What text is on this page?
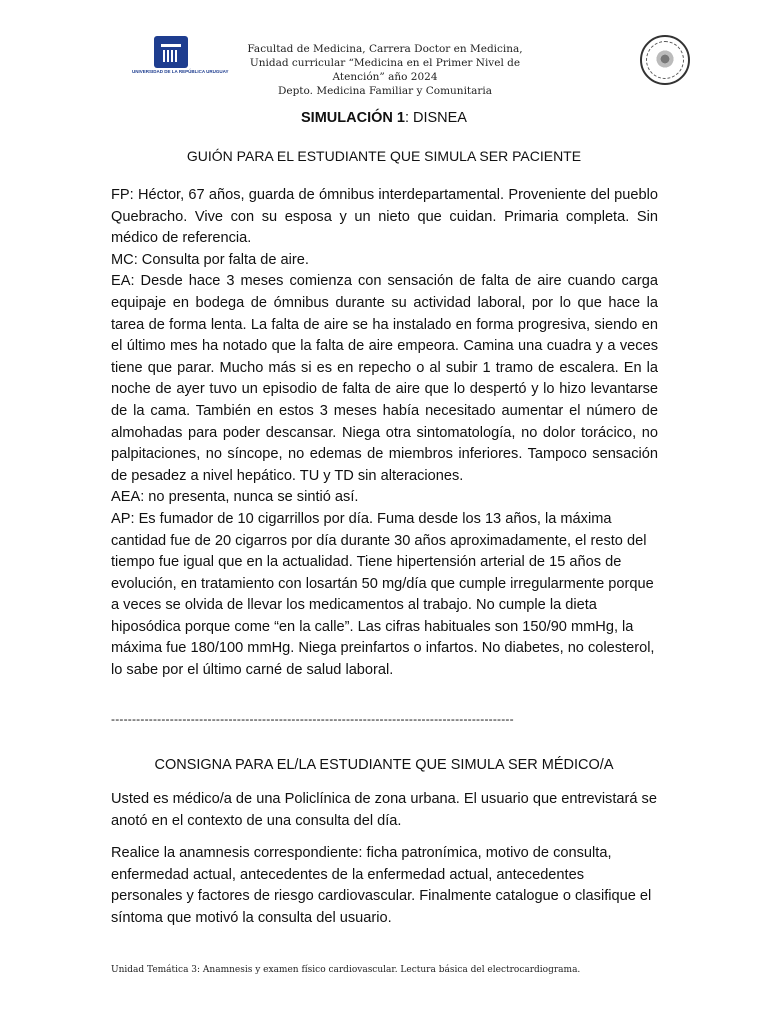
UNIVERSIDAD DE LA REPÚBLICA URUGUAY
Facultad de Medicina, Carrera Doctor en Medicina,
Unidad curricular “Medicina en el Primer Nivel de Atención” año 2024
Depto. Medicina Familiar y Comunitaria
SIMULACIÓN 1: DISNEA
GUIÓN PARA EL ESTUDIANTE QUE SIMULA SER PACIENTE

FP: Héctor, 67 años, guarda de ómnibus interdepartamental. Proveniente del pueblo Quebracho. Vive con su esposa y un nieto que cuidan. Primaria completa. Sin médico de referencia.

MC: Consulta por falta de aire.

EA: Desde hace 3 meses comienza con sensación de falta de aire cuando carga equipaje en bodega de ómnibus durante su actividad laboral, por lo que hace la tarea de forma lenta. La falta de aire se ha instalado en forma progresiva, siendo en el último mes ha notado que la falta de aire empeora. Camina una cuadra y a veces tiene que parar. Mucho más si es en repecho o al subir 1 tramo de escalera. En la noche de ayer tuvo un episodio de falta de aire que lo despertó y lo hizo levantarse de la cama. También en estos 3 meses había necesitado aumentar el número de almohadas para poder descansar. Niega otra sintomatología, no dolor torácico, no palpitaciones, no síncope, no edemas de miembros inferiores. Tampoco sensación de pesadez a nivel hepático. TU y TD sin alteraciones.

AEA: no presenta, nunca se sintió así.

AP: Es fumador de 10 cigarrillos por día. Fuma desde los 13 años, la máxima cantidad fue de 20 cigarros por día durante 30 años aproximadamente, el resto del tiempo fue igual que en la actualidad. Tiene hipertensión arterial de 15 años de evolución, en tratamiento con losartán 50 mg/día que cumple irregularmente porque a veces se olvida de llevar los medicamentos al trabajo. No cumple la dieta hiposódica porque come “en la calle”. Las cifras habituales son 150/90 mmHg, la máxima fue 180/100 mmHg. Niega preinfartos o infartos. No diabetes, no colesterol, lo sabe por el último carné de salud laboral.

------------------------------------------------------------------------------------------------
CONSIGNA PARA EL/LA ESTUDIANTE QUE SIMULA SER MÉDICO/A

Usted es médico/a de una Policlínica de zona urbana. El usuario que entrevistará se anotó en el contexto de una consulta del día.

Realice la anamnesis correspondiente: ficha patronímica, motivo de consulta, enfermedad actual, antecedentes de la enfermedad actual, antecedentes personales y factores de riesgo cardiovascular. Finalmente catalogue o clasifique el síntoma que motivó la consulta del usuario.

Unidad Temática 3: Anamnesis y examen físico cardiovascular. Lectura básica del electrocardiograma.
